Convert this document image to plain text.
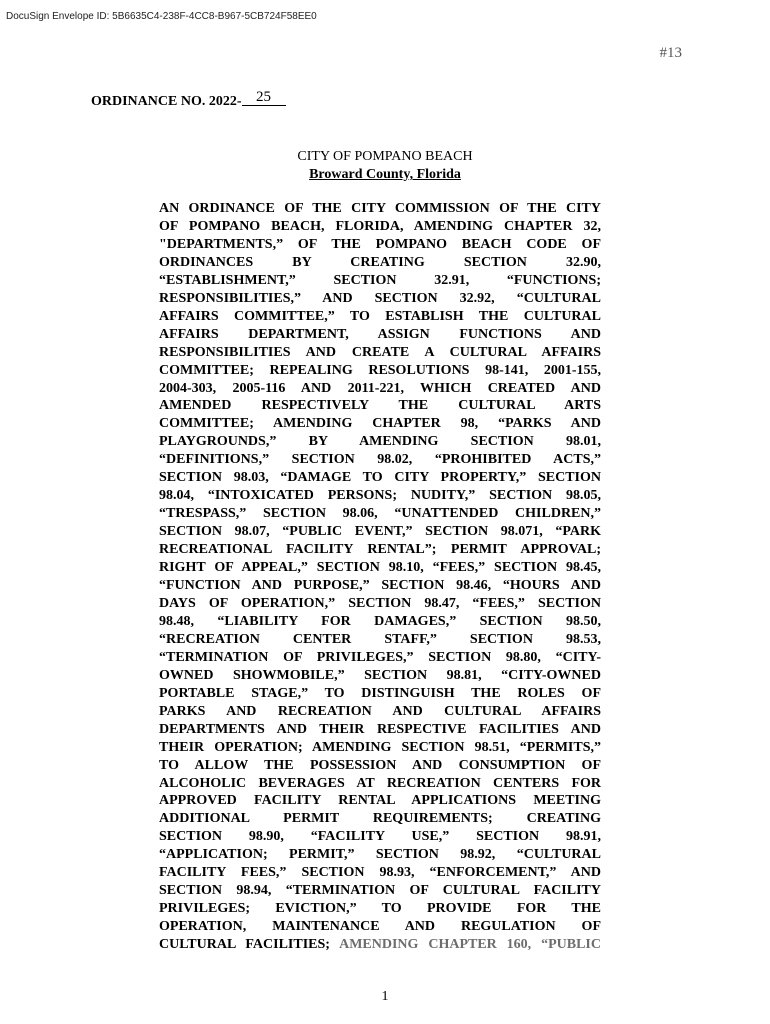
DocuSign Envelope ID: 5B6635C4-238F-4CC8-B967-5CB724F58EE0
#13
ORDINANCE NO. 2022- 25
CITY OF POMPANO BEACH
Broward County, Florida
AN ORDINANCE OF THE CITY COMMISSION OF THE CITY
OF POMPANO BEACH, FLORIDA, AMENDING CHAPTER 32,
"DEPARTMENTS,” OF THE POMPANO BEACH CODE OF
ORDINANCES BY CREATING SECTION 32.90,
“ESTABLISHMENT,” SECTION 32.91, “FUNCTIONS;
RESPONSIBILITIES,” AND SECTION 32.92, “CULTURAL
AFFAIRS COMMITTEE,” TO ESTABLISH THE CULTURAL
AFFAIRS DEPARTMENT, ASSIGN FUNCTIONS AND
RESPONSIBILITIES AND CREATE A CULTURAL AFFAIRS
COMMITTEE; REPEALING RESOLUTIONS 98-141, 2001-155,
2004-303, 2005-116 AND 2011-221, WHICH CREATED AND
AMENDED RESPECTIVELY THE CULTURAL ARTS
COMMITTEE; AMENDING CHAPTER 98, “PARKS AND
PLAYGROUNDS,” BY AMENDING SECTION 98.01,
“DEFINITIONS,” SECTION 98.02, “PROHIBITED ACTS,”
SECTION 98.03, “DAMAGE TO CITY PROPERTY,” SECTION
98.04, “INTOXICATED PERSONS; NUDITY,” SECTION 98.05,
“TRESPASS,” SECTION 98.06, “UNATTENDED CHILDREN,”
SECTION 98.07, “PUBLIC EVENT,” SECTION 98.071, “PARK
RECREATIONAL FACILITY RENTAL”; PERMIT APPROVAL;
RIGHT OF APPEAL,” SECTION 98.10, “FEES,” SECTION 98.45,
“FUNCTION AND PURPOSE,” SECTION 98.46, “HOURS AND
DAYS OF OPERATION,” SECTION 98.47, “FEES,” SECTION
98.48, “LIABILITY FOR DAMAGES,” SECTION 98.50,
“RECREATION CENTER STAFF,” SECTION 98.53,
“TERMINATION OF PRIVILEGES,” SECTION 98.80, “CITY-
OWNED SHOWMOBILE,” SECTION 98.81, “CITY-OWNED
PORTABLE STAGE,” TO DISTINGUISH THE ROLES OF
PARKS AND RECREATION AND CULTURAL AFFAIRS
DEPARTMENTS AND THEIR RESPECTIVE FACILITIES AND
THEIR OPERATION; AMENDING SECTION 98.51, “PERMITS,”
TO ALLOW THE POSSESSION AND CONSUMPTION OF
ALCOHOLIC BEVERAGES AT RECREATION CENTERS FOR
APPROVED FACILITY RENTAL APPLICATIONS MEETING
ADDITIONAL PERMIT REQUIREMENTS; CREATING
SECTION 98.90, “FACILITY USE,” SECTION 98.91,
“APPLICATION; PERMIT,” SECTION 98.92, “CULTURAL
FACILITY FEES,” SECTION 98.93, “ENFORCEMENT,” AND
SECTION 98.94, “TERMINATION OF CULTURAL FACILITY
PRIVILEGES; EVICTION,” TO PROVIDE FOR THE
OPERATION, MAINTENANCE AND REGULATION OF
CULTURAL FACILITIES; AMENDING CHAPTER 160, “PUBLIC
1
